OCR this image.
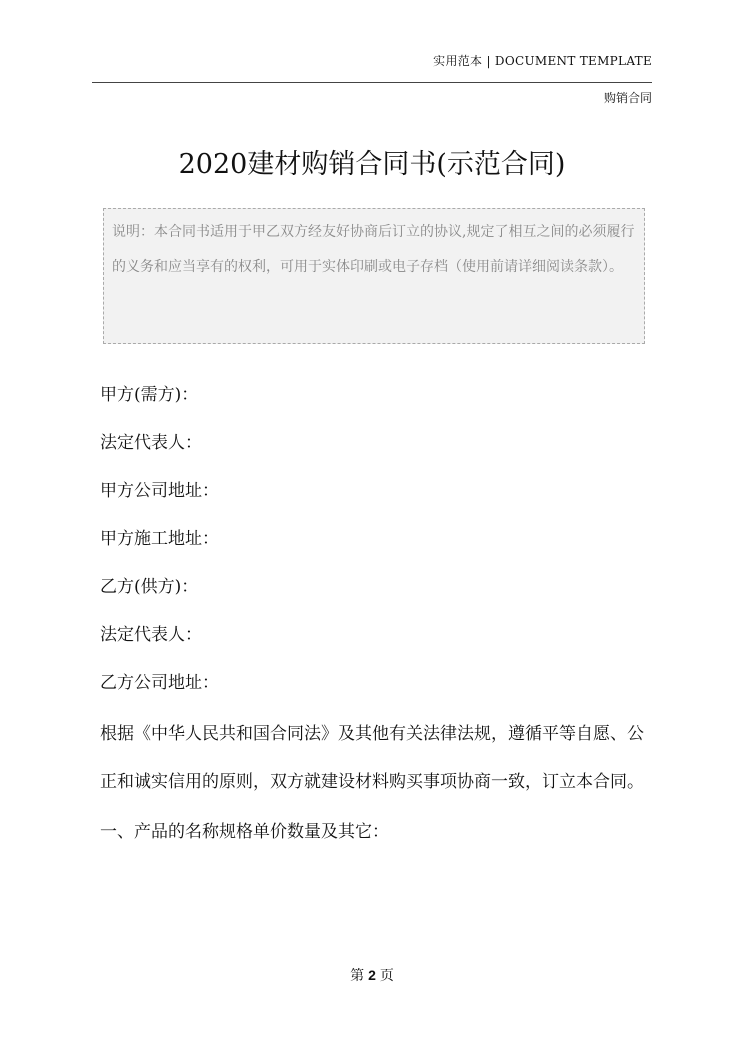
实用范本 | DOCUMENT TEMPLATE
购销合同
2020建材购销合同书(示范合同)
说明：本合同书适用于甲乙双方经友好协商后订立的协议,规定了相互之间的必须履行的义务和应当享有的权利，可用于实体印刷或电子存档（使用前请详细阅读条款）。
甲方(需方)：
法定代表人：
甲方公司地址：
甲方施工地址：
乙方(供方)：
法定代表人：
乙方公司地址：
根据《中华人民共和国合同法》及其他有关法律法规，遵循平等自愿、公正和诚实信用的原则，双方就建设材料购买事项协商一致，订立本合同。
一、产品的名称规格单价数量及其它：
第 2 页
